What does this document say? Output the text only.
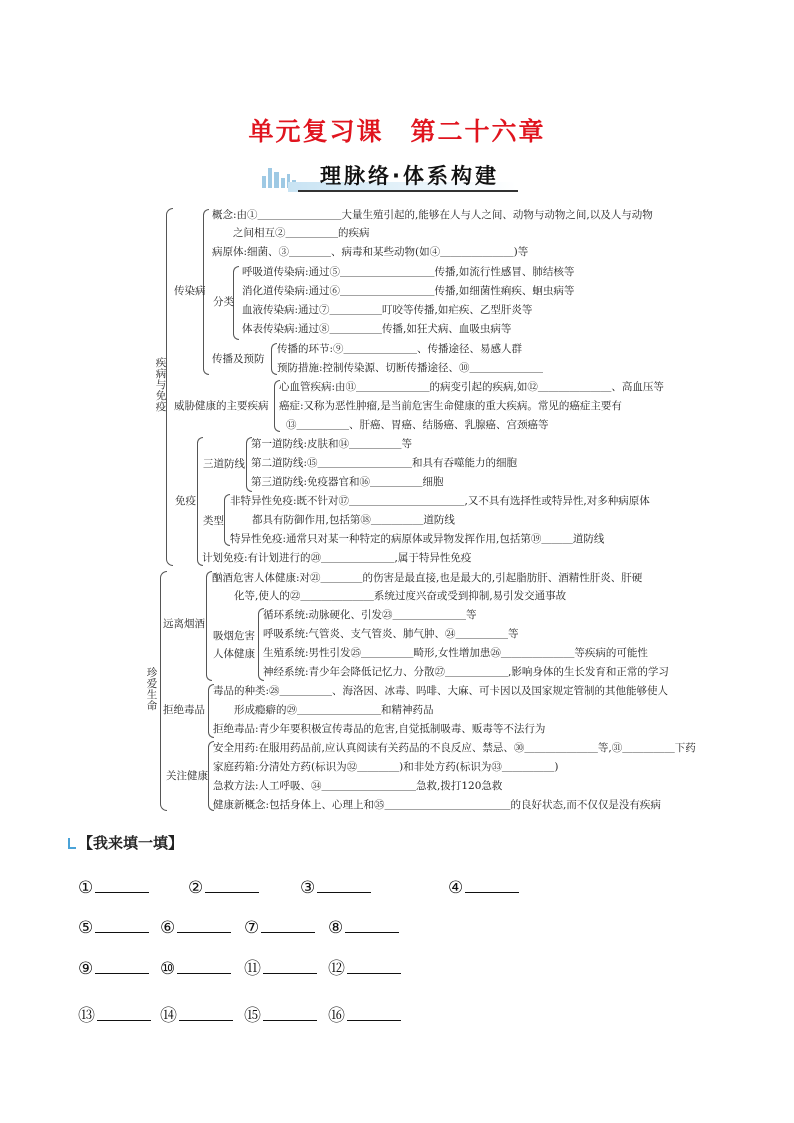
单元复习课　第二十六章
理脉络·体系构建
疾病与免疫
珍爱生命
传染病
分类
传播及预防
威胁健康的主要疾病
免疫
三道防线
类型
远离烟酒
吸烟危害人体健康
拒绝毒品
关注健康
概念:由①＿＿＿＿＿＿＿＿大量生殖引起的,能够在人与人之间、动物与动物之间,以及人与动物
之间相互②＿＿＿＿＿的疾病
病原体:细菌、③＿＿＿＿、病毒和某些动物(如④＿＿＿＿＿＿＿)等
呼吸道传染病:通过⑤＿＿＿＿＿＿＿＿＿传播,如流行性感冒、肺结核等
消化道传染病:通过⑥＿＿＿＿＿＿＿＿＿传播,如细菌性痢疾、蛔虫病等
血液传染病:通过⑦＿＿＿＿＿叮咬等传播,如疟疾、乙型肝炎等
体表传染病:通过⑧＿＿＿＿＿传播,如狂犬病、血吸虫病等
传播的环节:⑨＿＿＿＿＿＿＿、传播途径、易感人群
预防措施:控制传染源、切断传播途径、⑩＿＿＿＿＿＿＿
心血管疾病:由⑪＿＿＿＿＿＿＿的病变引起的疾病,如⑫＿＿＿＿＿＿＿、高血压等
癌症:又称为恶性肿瘤,是当前危害生命健康的重大疾病。常见的癌症主要有
⑬＿＿＿＿＿、肝癌、胃癌、结肠癌、乳腺癌、宫颈癌等
第一道防线:皮肤和⑭＿＿＿＿＿等
第二道防线:⑮＿＿＿＿＿＿＿＿＿和具有吞噬能力的细胞
第三道防线:免疫器官和⑯＿＿＿＿＿细胞
非特异性免疫:既不针对⑰＿＿＿＿＿＿＿＿＿＿＿,又不具有选择性或特异性,对多种病原体
都具有防御作用,包括第⑱＿＿＿＿＿道防线
特异性免疫:通常只对某一种特定的病原体或异物发挥作用,包括第⑲＿＿＿道防线
计划免疫:有计划进行的⑳＿＿＿＿＿＿＿,属于特异性免疫
酗酒危害人体健康:对㉑＿＿＿＿的伤害是最直接,也是最大的,引起脂肪肝、酒精性肝炎、肝硬
化等,使人的㉒＿＿＿＿＿＿＿系统过度兴奋或受到抑制,易引发交通事故
循环系统:动脉硬化、引发㉓＿＿＿＿＿＿＿等
呼吸系统:气管炎、支气管炎、肺气肿、㉔＿＿＿＿＿等
生殖系统:男性引发㉕＿＿＿＿＿畸形,女性增加患㉖＿＿＿＿＿＿＿等疾病的可能性
神经系统:青少年会降低记忆力、分散㉗＿＿＿＿＿＿,影响身体的生长发育和正常的学习
毒品的种类:㉘＿＿＿＿＿、海洛因、冰毒、吗啡、大麻、可卡因以及国家规定管制的其他能够使人
形成瘾癖的㉙＿＿＿＿＿＿＿＿和精神药品
拒绝毒品:青少年要积极宣传毒品的危害,自觉抵制吸毒、贩毒等不法行为
安全用药:在服用药品前,应认真阅读有关药品的不良反应、禁忌、㉚＿＿＿＿＿＿＿等,㉛＿＿＿＿＿下药
家庭药箱:分清处方药(标识为㉜＿＿＿＿)和非处方药(标识为㉝＿＿＿＿＿)
急救方法:人工呼吸、㉞＿＿＿＿＿＿＿＿＿急救,拨打120急救
健康新概念:包括身体上、心理上和㉟＿＿＿＿＿＿＿＿＿＿＿＿的良好状态,而不仅仅是没有疾病
【我来填一填】
①	②	③	④
⑤	⑥	⑦	⑧
⑨	⑩	⑪	⑫
⑬	⑭	⑮	⑯
